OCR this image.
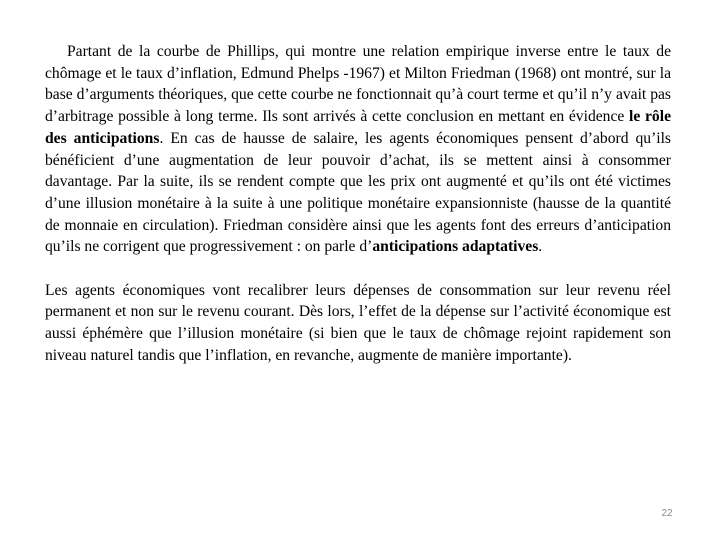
Partant de la courbe de Phillips, qui montre une relation empirique inverse entre le taux de chômage et le taux d’inflation, Edmund Phelps -1967) et Milton Friedman (1968) ont montré, sur la base d’arguments théoriques, que cette courbe ne fonctionnait qu’à court terme et qu’il n’y avait pas d’arbitrage possible à long terme. Ils sont arrivés à cette conclusion en mettant en évidence le rôle des anticipations. En cas de hausse de salaire, les agents économiques pensent d’abord qu’ils bénéficient d’une augmentation de leur pouvoir d’achat, ils se mettent ainsi à consommer davantage. Par la suite, ils se rendent compte que les prix ont augmenté et qu’ils ont été victimes d’une illusion monétaire à la suite à une politique monétaire expansionniste (hausse de la quantité de monnaie en circulation). Friedman considère ainsi que les agents font des erreurs d’anticipation qu’ils ne corrigent que progressivement : on parle d’anticipations adaptatives.

Les agents économiques vont recalibrer leurs dépenses de consommation sur leur revenu réel permanent et non sur le revenu courant. Dès lors, l’effet de la dépense sur l’activité économique est aussi éphémère que l’illusion monétaire (si bien que le taux de chômage rejoint rapidement son niveau naturel tandis que l’inflation, en revanche, augmente de manière importante).

22
